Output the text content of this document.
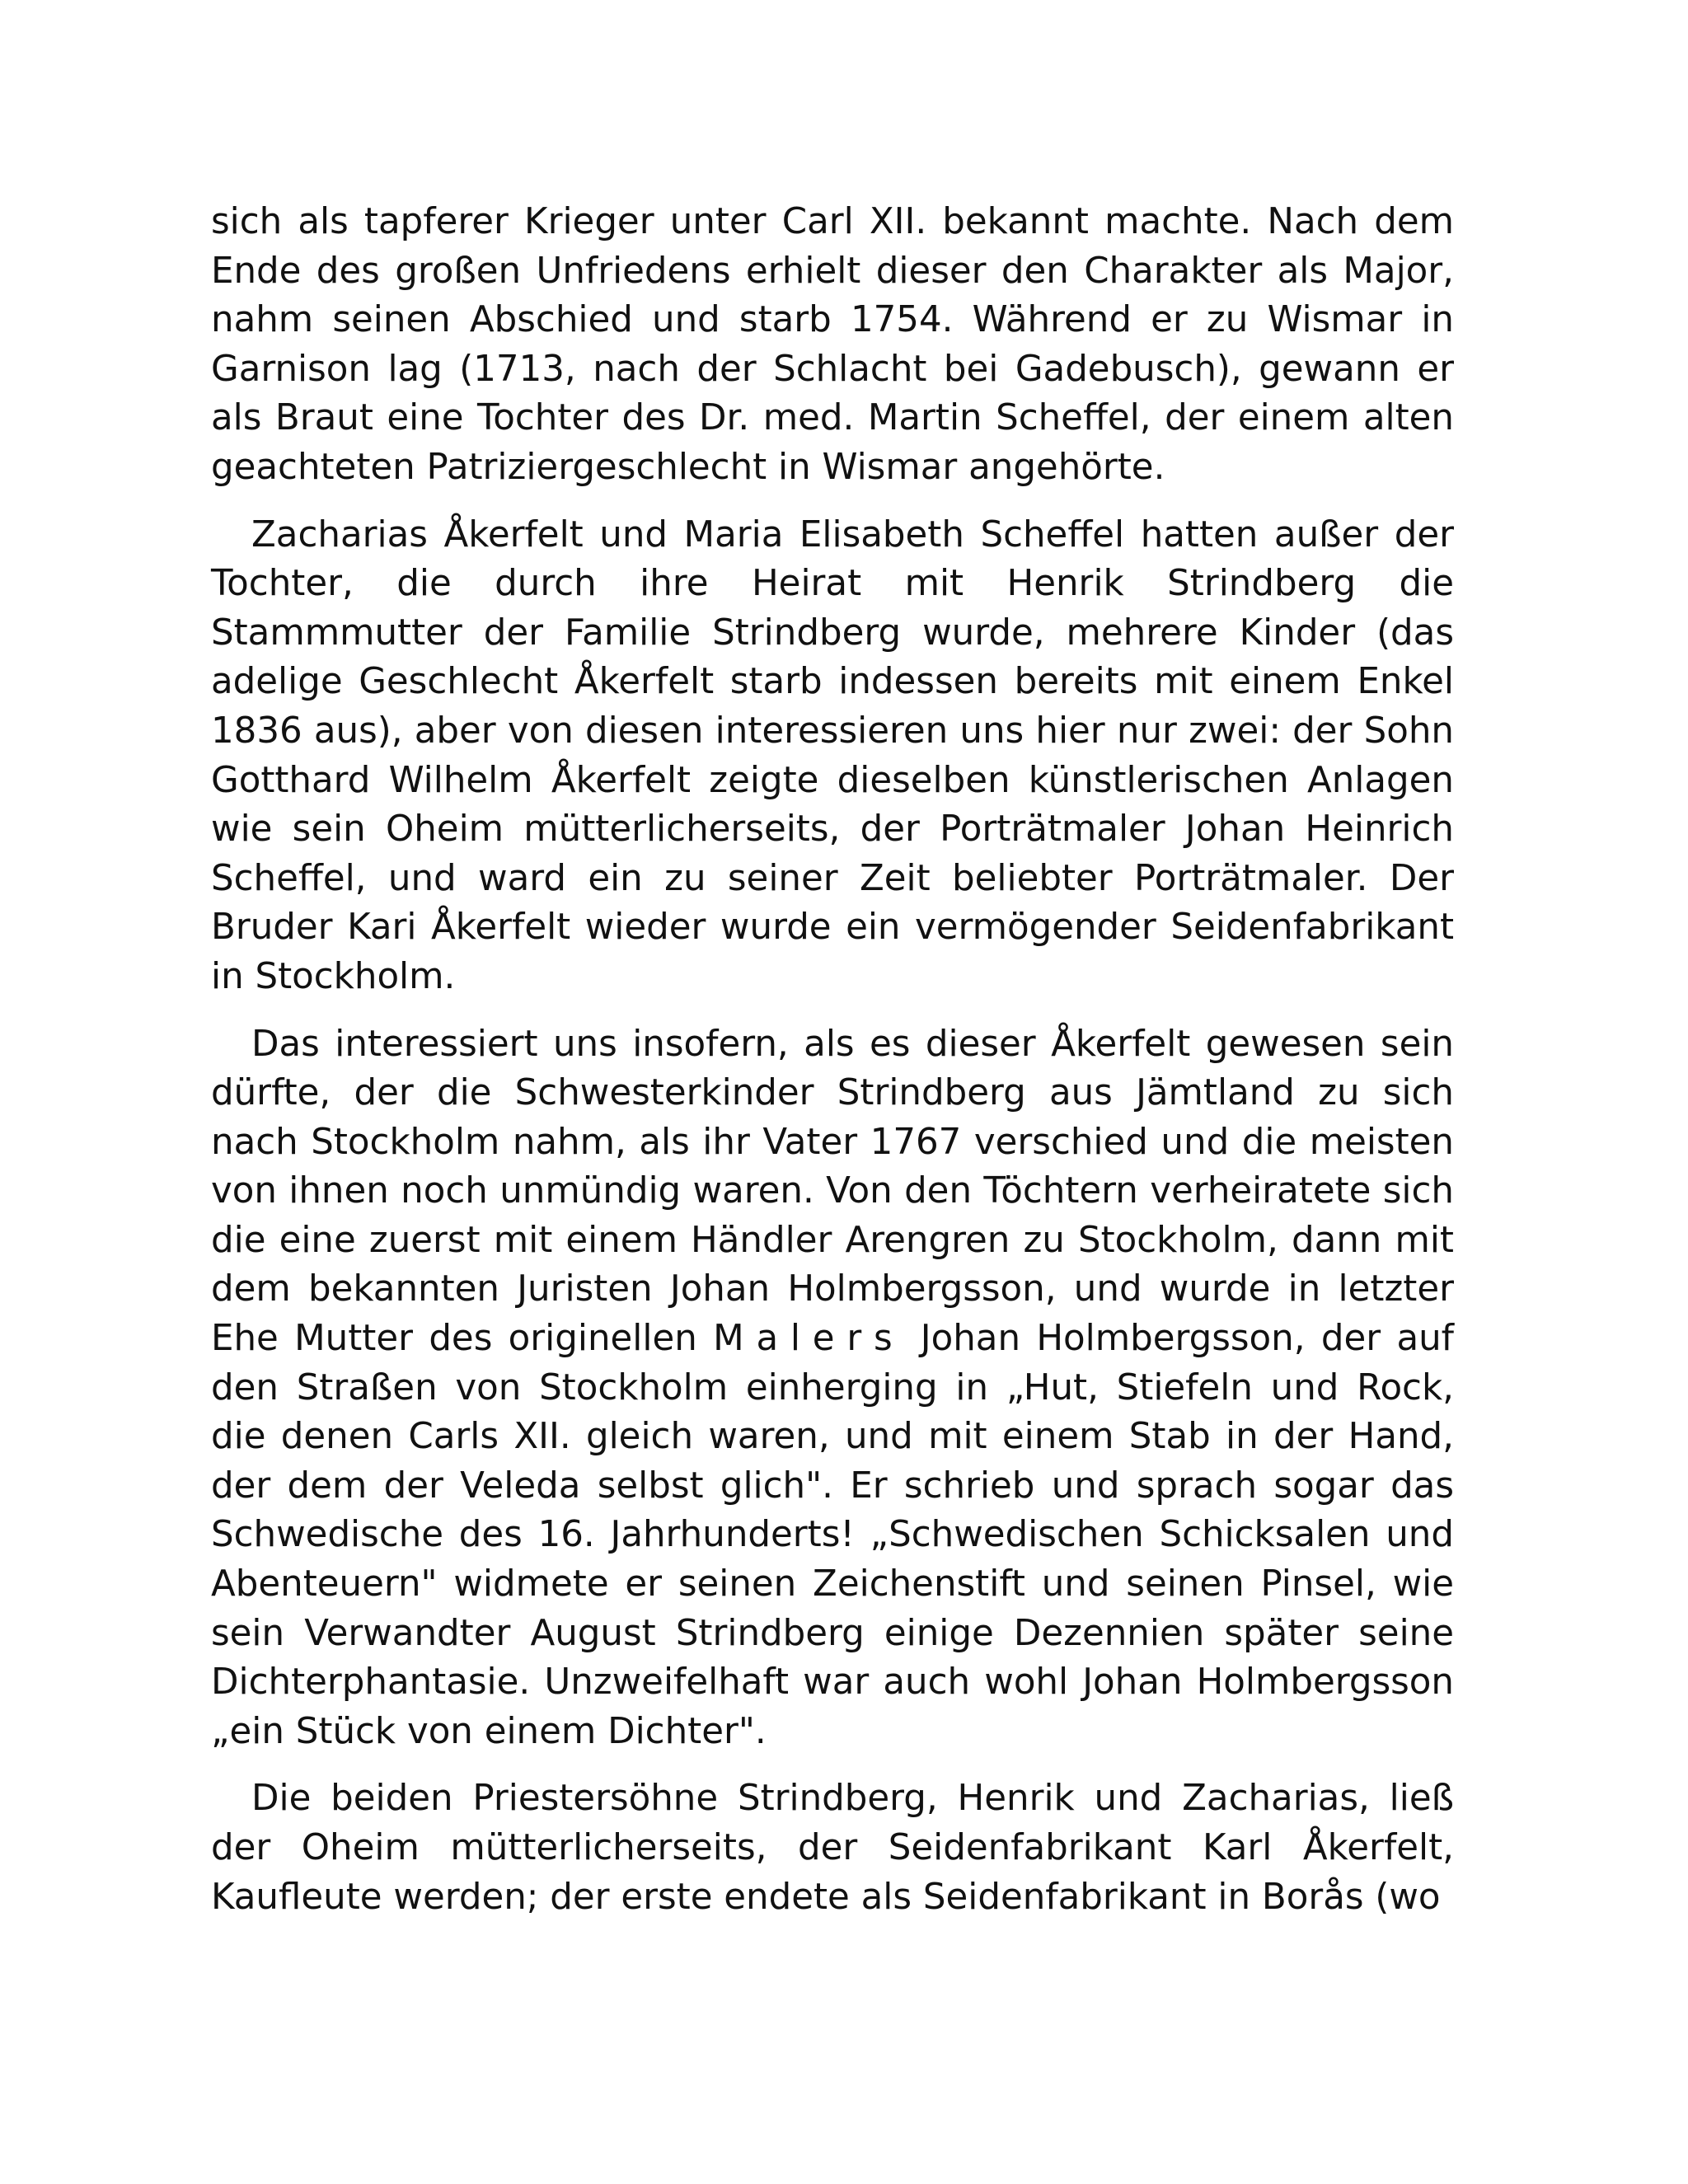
sich als tapferer Krieger unter Carl XII. bekannt machte. Nach dem Ende des großen Unfriedens erhielt dieser den Charakter als Major, nahm seinen Abschied und starb 1754. Während er zu Wismar in Garnison lag (1713, nach der Schlacht bei Gadebusch), gewann er als Braut eine Tochter des Dr. med. Martin Scheffel, der einem alten geachteten Patriziergeschlecht in Wismar angehörte.

Zacharias Åkerfelt und Maria Elisabeth Scheffel hatten außer der Tochter, die durch ihre Heirat mit Henrik Strindberg die Stammmutter der Familie Strindberg wurde, mehrere Kinder (das adelige Geschlecht Åkerfelt starb indessen bereits mit einem Enkel 1836 aus), aber von diesen interessieren uns hier nur zwei: der Sohn Gotthard Wilhelm Åkerfelt zeigte dieselben künstlerischen Anlagen wie sein Oheim mütterlicherseits, der Porträtmaler Johan Heinrich Scheffel, und ward ein zu seiner Zeit beliebter Porträtmaler. Der Bruder Kari Åkerfelt wieder wurde ein vermögender Seidenfabrikant in Stockholm.

Das interessiert uns insofern, als es dieser Åkerfelt gewesen sein dürfte, der die Schwesterkinder Strindberg aus Jämtland zu sich nach Stockholm nahm, als ihr Vater 1767 verschied und die meisten von ihnen noch unmündig waren. Von den Töchtern verheiratete sich die eine zuerst mit einem Händler Arengren zu Stockholm, dann mit dem bekannten Juristen Johan Holmbergsson, und wurde in letzter Ehe Mutter des originellen Malers Johan Holmbergsson, der auf den Straßen von Stockholm einherging in „Hut, Stiefeln und Rock, die denen Carls XII. gleich waren, und mit einem Stab in der Hand, der dem der Veleda selbst glich". Er schrieb und sprach sogar das Schwedische des 16. Jahrhunderts! „Schwedischen Schicksalen und Abenteuern" widmete er seinen Zeichenstift und seinen Pinsel, wie sein Verwandter August Strindberg einige Dezennien später seine Dichterphantasie. Unzweifelhaft war auch wohl Johan Holmbergsson „ein Stück von einem Dichter".

Die beiden Priestersöhne Strindberg, Henrik und Zacharias, ließ der Oheim mütterlicherseits, der Seidenfabrikant Karl Åkerfelt, Kaufleute werden; der erste endete als Seidenfabrikant in Borås (wo
